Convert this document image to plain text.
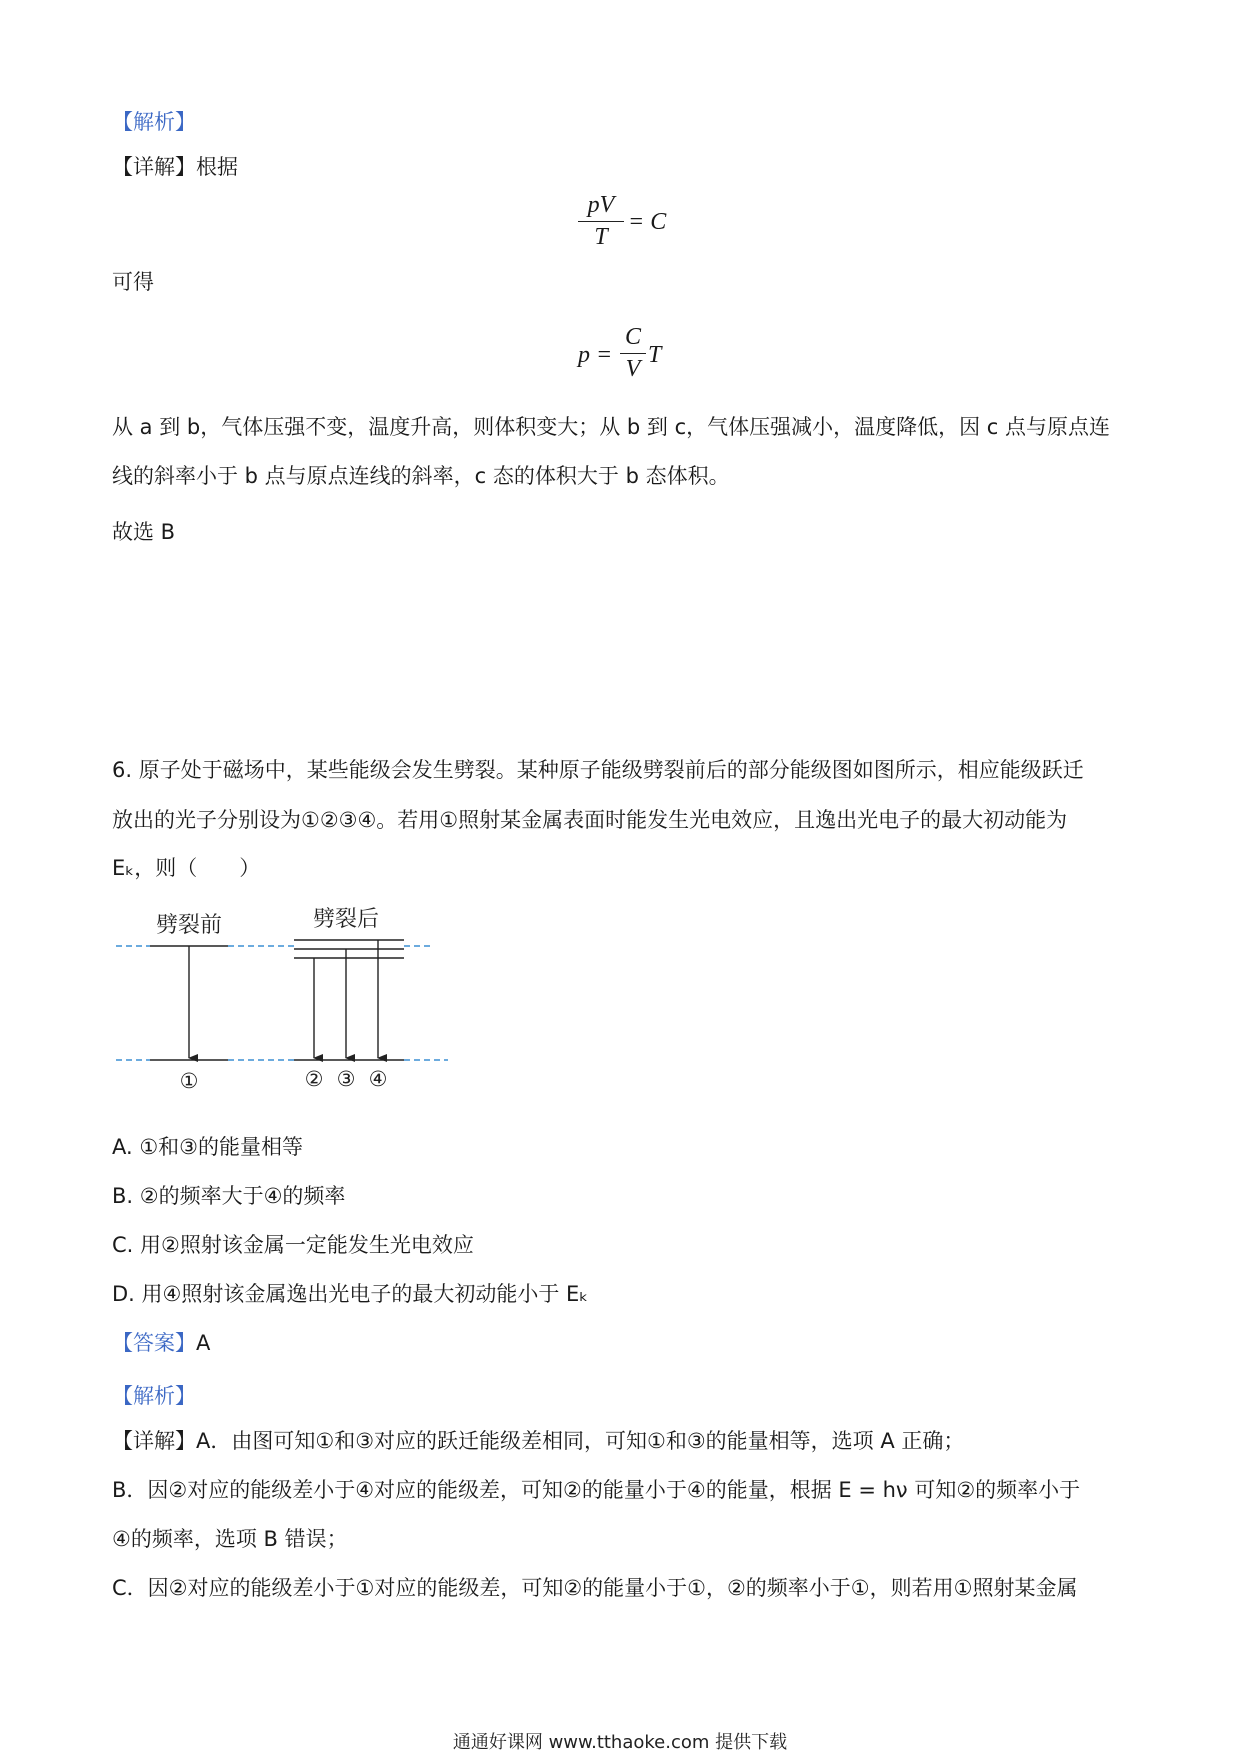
【解析】
【详解】根据
pV
T
= C
可得
p =
C
V
T
从 a 到 b，气体压强不变，温度升高，则体积变大；从 b 到 c，气体压强减小，温度降低，因 c 点与原点连
线的斜率小于 b 点与原点连线的斜率，c 态的体积大于 b 态体积。
故选 B
6. 原子处于磁场中，某些能级会发生劈裂。某种原子能级劈裂前后的部分能级图如图所示，相应能级跃迁
放出的光子分别设为①②③④。若用①照射某金属表面时能发生光电效应，且逸出光电子的最大初动能为
Eₖ，则（　　）
劈裂前	劈裂后
①	② ③ ④
A. ①和③的能量相等
B. ②的频率大于④的频率
C. 用②照射该金属一定能发生光电效应
D. 用④照射该金属逸出光电子的最大初动能小于 Eₖ
【答案】A
【解析】
【详解】A．由图可知①和③对应的跃迁能级差相同，可知①和③的能量相等，选项 A 正确；
B．因②对应的能级差小于④对应的能级差，可知②的能量小于④的能量，根据 E = hν 可知②的频率小于
④的频率，选项 B 错误；
C．因②对应的能级差小于①对应的能级差，可知②的能量小于①，②的频率小于①，则若用①照射某金属
通通好课网 www.tthaoke.com 提供下载
